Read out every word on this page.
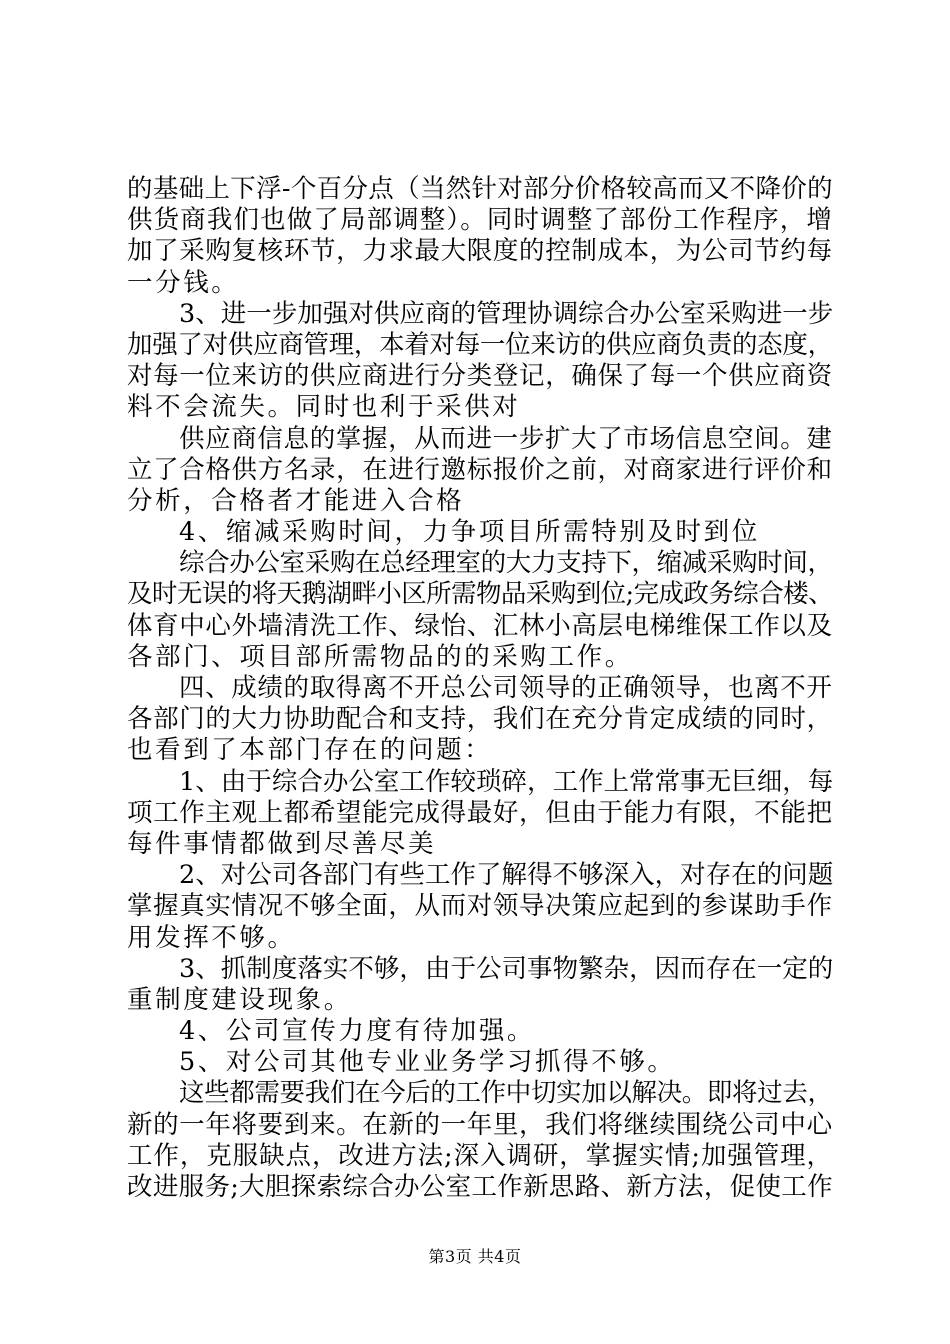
的基础上下浮-个百分点（当然针对部分价格较高而又不降价的
供货商我们也做了局部调整）。同时调整了部份工作程序，增
加了采购复核环节，力求最大限度的控制成本，为公司节约每
一分钱。
3、进一步加强对供应商的管理协调综合办公室采购进一步
加强了对供应商管理，本着对每一位来访的供应商负责的态度，
对每一位来访的供应商进行分类登记，确保了每一个供应商资
料不会流失。同时也利于采供对
供应商信息的掌握，从而进一步扩大了市场信息空间。建
立了合格供方名录，在进行邀标报价之前，对商家进行评价和
分析，合格者才能进入合格
4、缩减采购时间，力争项目所需特别及时到位
综合办公室采购在总经理室的大力支持下，缩减采购时间，
及时无误的将天鹅湖畔小区所需物品采购到位;完成政务综合楼、
体育中心外墙清洗工作、绿怡、汇林小高层电梯维保工作以及
各部门、项目部所需物品的的采购工作。
四、成绩的取得离不开总公司领导的正确领导，也离不开
各部门的大力协助配合和支持，我们在充分肯定成绩的同时，
也看到了本部门存在的问题：
1、由于综合办公室工作较琐碎，工作上常常事无巨细，每
项工作主观上都希望能完成得最好，但由于能力有限，不能把
每件事情都做到尽善尽美
2、对公司各部门有些工作了解得不够深入，对存在的问题
掌握真实情况不够全面，从而对领导决策应起到的参谋助手作
用发挥不够。
3、抓制度落实不够，由于公司事物繁杂，因而存在一定的
重制度建设现象。
4、公司宣传力度有待加强。
5、对公司其他专业业务学习抓得不够。
这些都需要我们在今后的工作中切实加以解决。即将过去，
新的一年将要到来。在新的一年里，我们将继续围绕公司中心
工作，克服缺点，改进方法;深入调研，掌握实情;加强管理，
改进服务;大胆探索综合办公室工作新思路、新方法，促使工作
第3页 共4页
